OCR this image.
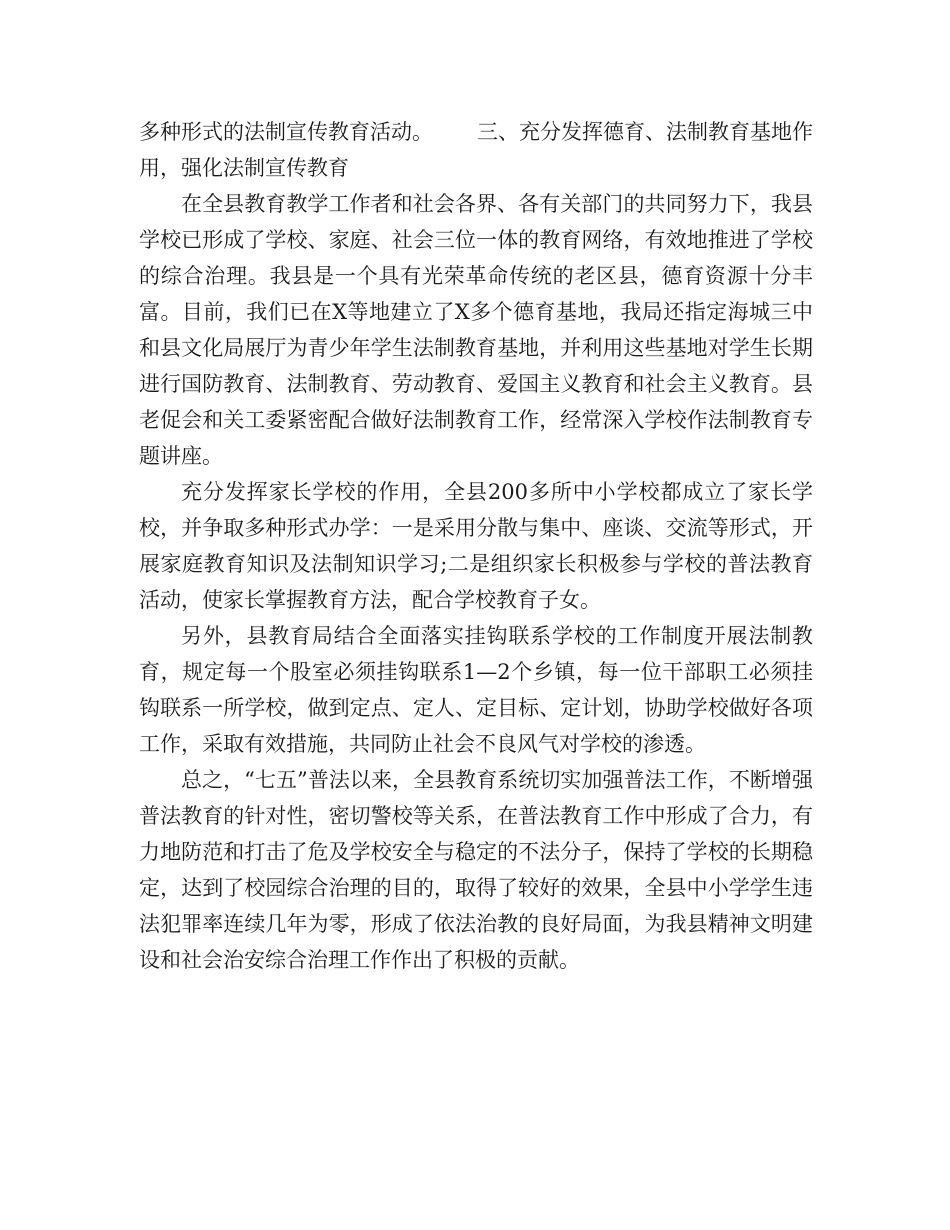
多种形式的法制宣传教育活动。 三、充分发挥德育、法制教育基地作用，强化法制宣传教育

在全县教育教学工作者和社会各界、各有关部门的共同努力下，我县学校已形成了学校、家庭、社会三位一体的教育网络，有效地推进了学校的综合治理。我县是一个具有光荣革命传统的老区县，德育资源十分丰富。目前，我们已在X等地建立了X多个德育基地，我局还指定海城三中和县文化局展厅为青少年学生法制教育基地，并利用这些基地对学生长期进行国防教育、法制教育、劳动教育、爱国主义教育和社会主义教育。县老促会和关工委紧密配合做好法制教育工作，经常深入学校作法制教育专题讲座。

充分发挥家长学校的作用，全县200多所中小学校都成立了家长学校，并争取多种形式办学：一是采用分散与集中、座谈、交流等形式，开展家庭教育知识及法制知识学习;二是组织家长积极参与学校的普法教育活动，使家长掌握教育方法，配合学校教育子女。

另外，县教育局结合全面落实挂钩联系学校的工作制度开展法制教育，规定每一个股室必须挂钩联系1—2个乡镇，每一位干部职工必须挂钩联系一所学校，做到定点、定人、定目标、定计划，协助学校做好各项工作，采取有效措施，共同防止社会不良风气对学校的渗透。

总之，“七五”普法以来，全县教育系统切实加强普法工作，不断增强普法教育的针对性，密切警校等关系，在普法教育工作中形成了合力，有力地防范和打击了危及学校安全与稳定的不法分子，保持了学校的长期稳定，达到了校园综合治理的目的，取得了较好的效果，全县中小学学生违法犯罪率连续几年为零，形成了依法治教的良好局面，为我县精神文明建设和社会治安综合治理工作作出了积极的贡献。
